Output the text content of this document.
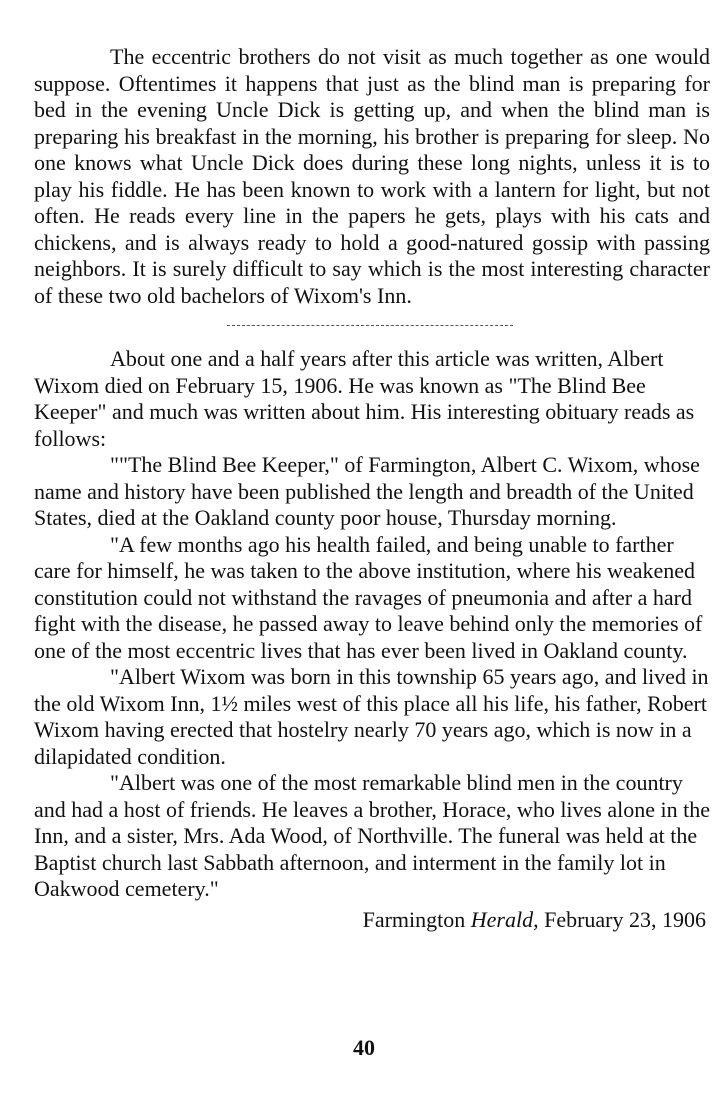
The eccentric brothers do not visit as much together as one would suppose. Oftentimes it happens that just as the blind man is preparing for bed in the evening Uncle Dick is getting up, and when the blind man is preparing his breakfast in the morning, his brother is preparing for sleep. No one knows what Uncle Dick does during these long nights, unless it is to play his fiddle. He has been known to work with a lantern for light, but not often. He reads every line in the papers he gets, plays with his cats and chickens, and is always ready to hold a good-natured gossip with passing neighbors. It is surely difficult to say which is the most interesting character of these two old bachelors of Wixom's Inn.

About one and a half years after this article was written, Albert Wixom died on February 15, 1906. He was known as "The Blind Bee Keeper" and much was written about him. His interesting obituary reads as follows:

""The Blind Bee Keeper," of Farmington, Albert C. Wixom, whose name and history have been published the length and breadth of the United States, died at the Oakland county poor house, Thursday morning.

"A few months ago his health failed, and being unable to farther care for himself, he was taken to the above institution, where his weakened constitution could not withstand the ravages of pneumonia and after a hard fight with the disease, he passed away to leave behind only the memories of one of the most eccentric lives that has ever been lived in Oakland county.

"Albert Wixom was born in this township 65 years ago, and lived in the old Wixom Inn, 1½ miles west of this place all his life, his father, Robert Wixom having erected that hostelry nearly 70 years ago, which is now in a dilapidated condition.

"Albert was one of the most remarkable blind men in the country and had a host of friends. He leaves a brother, Horace, who lives alone in the Inn, and a sister, Mrs. Ada Wood, of Northville. The funeral was held at the Baptist church last Sabbath afternoon, and interment in the family lot in Oakwood cemetery."

Farmington Herald, February 23, 1906

40
